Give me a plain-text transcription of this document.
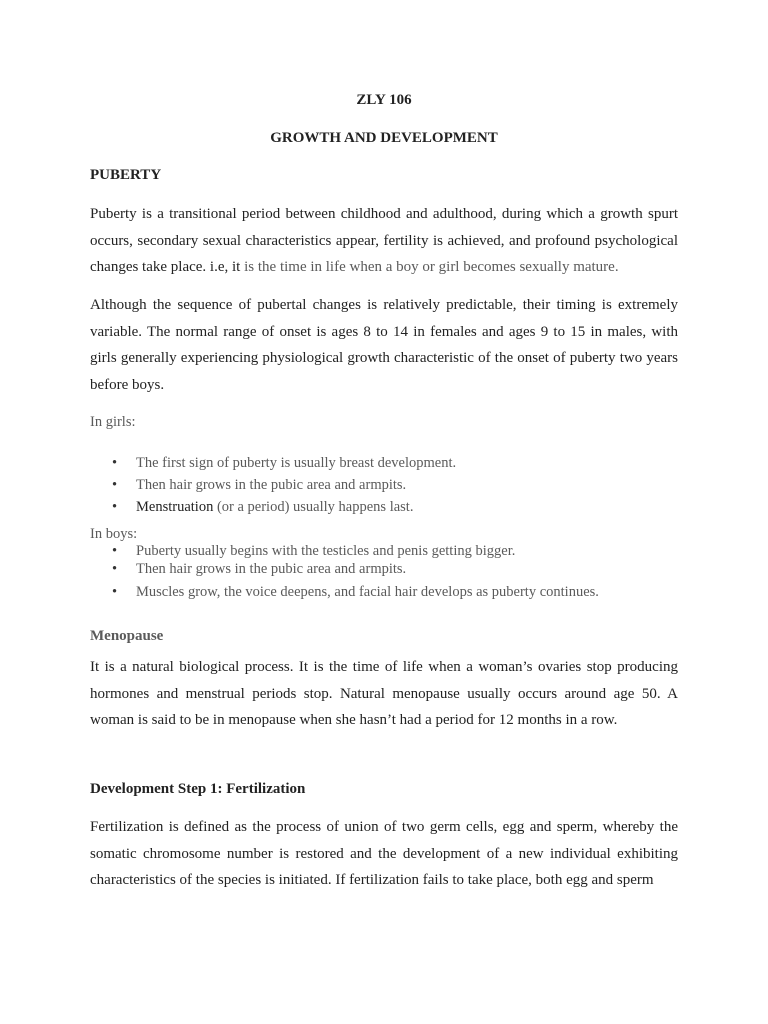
ZLY 106
GROWTH AND DEVELOPMENT
PUBERTY
Puberty is a transitional period between childhood and adulthood, during which a growth spurt occurs, secondary sexual characteristics appear, fertility is achieved, and profound psychological changes take place. i.e, it is the time in life when a boy or girl becomes sexually mature.
Although the sequence of pubertal changes is relatively predictable, their timing is extremely variable. The normal range of onset is ages 8 to 14 in females and ages 9 to 15 in males, with girls generally experiencing physiological growth characteristic of the onset of puberty two years before boys.
In girls:
• The first sign of puberty is usually breast development.
• Then hair grows in the pubic area and armpits.
• Menstruation (or a period) usually happens last.
In boys:
• Puberty usually begins with the testicles and penis getting bigger.
• Then hair grows in the pubic area and armpits.
• Muscles grow, the voice deepens, and facial hair develops as puberty continues.
Menopause
It is a natural biological process. It is the time of life when a woman’s ovaries stop producing hormones and menstrual periods stop. Natural menopause usually occurs around age 50. A woman is said to be in menopause when she hasn’t had a period for 12 months in a row.
Development Step 1: Fertilization
Fertilization is defined as the process of union of two germ cells, egg and sperm, whereby the somatic chromosome number is restored and the development of a new individual exhibiting characteristics of the species is initiated. If fertilization fails to take place, both egg and sperm
